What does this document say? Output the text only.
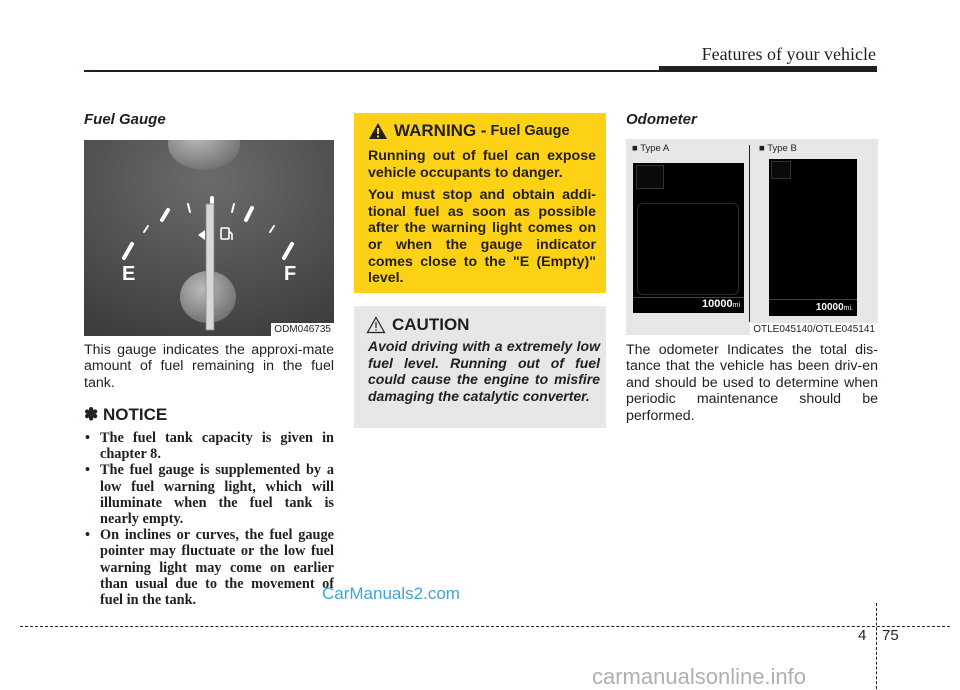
Features of your vehicle
Fuel Gauge
E	F
ODM046735
This gauge indicates the approxi-mate amount of fuel remaining in the fuel tank.
✽ NOTICE
• The fuel tank capacity is given in chapter 8.
• The fuel gauge is supplemented by a low fuel warning light, which will illuminate when the fuel tank is nearly empty.
• On inclines or curves, the fuel gauge pointer may fluctuate or the low fuel warning light may come on earlier than usual due to the movement of fuel in the tank.
WARNING - Fuel Gauge

Running out of fuel can expose vehicle occupants to danger.

You must stop and obtain addi-tional fuel as soon as possible after the warning light comes on or when the gauge indicator comes close to the "E (Empty)" level.

CAUTION
Avoid driving with a extremely low fuel level. Running out of fuel could cause the engine to misfire damaging the catalytic converter.
Odometer
■ Type A	■ Type B
10000mi	10000mi.
OTLE045140/OTLE045141
The odometer Indicates the total dis-tance that the vehicle has been driv-en and should be used to determine when periodic maintenance should be performed.
4 75
CarManuals2.com
carmanualsonline.info
